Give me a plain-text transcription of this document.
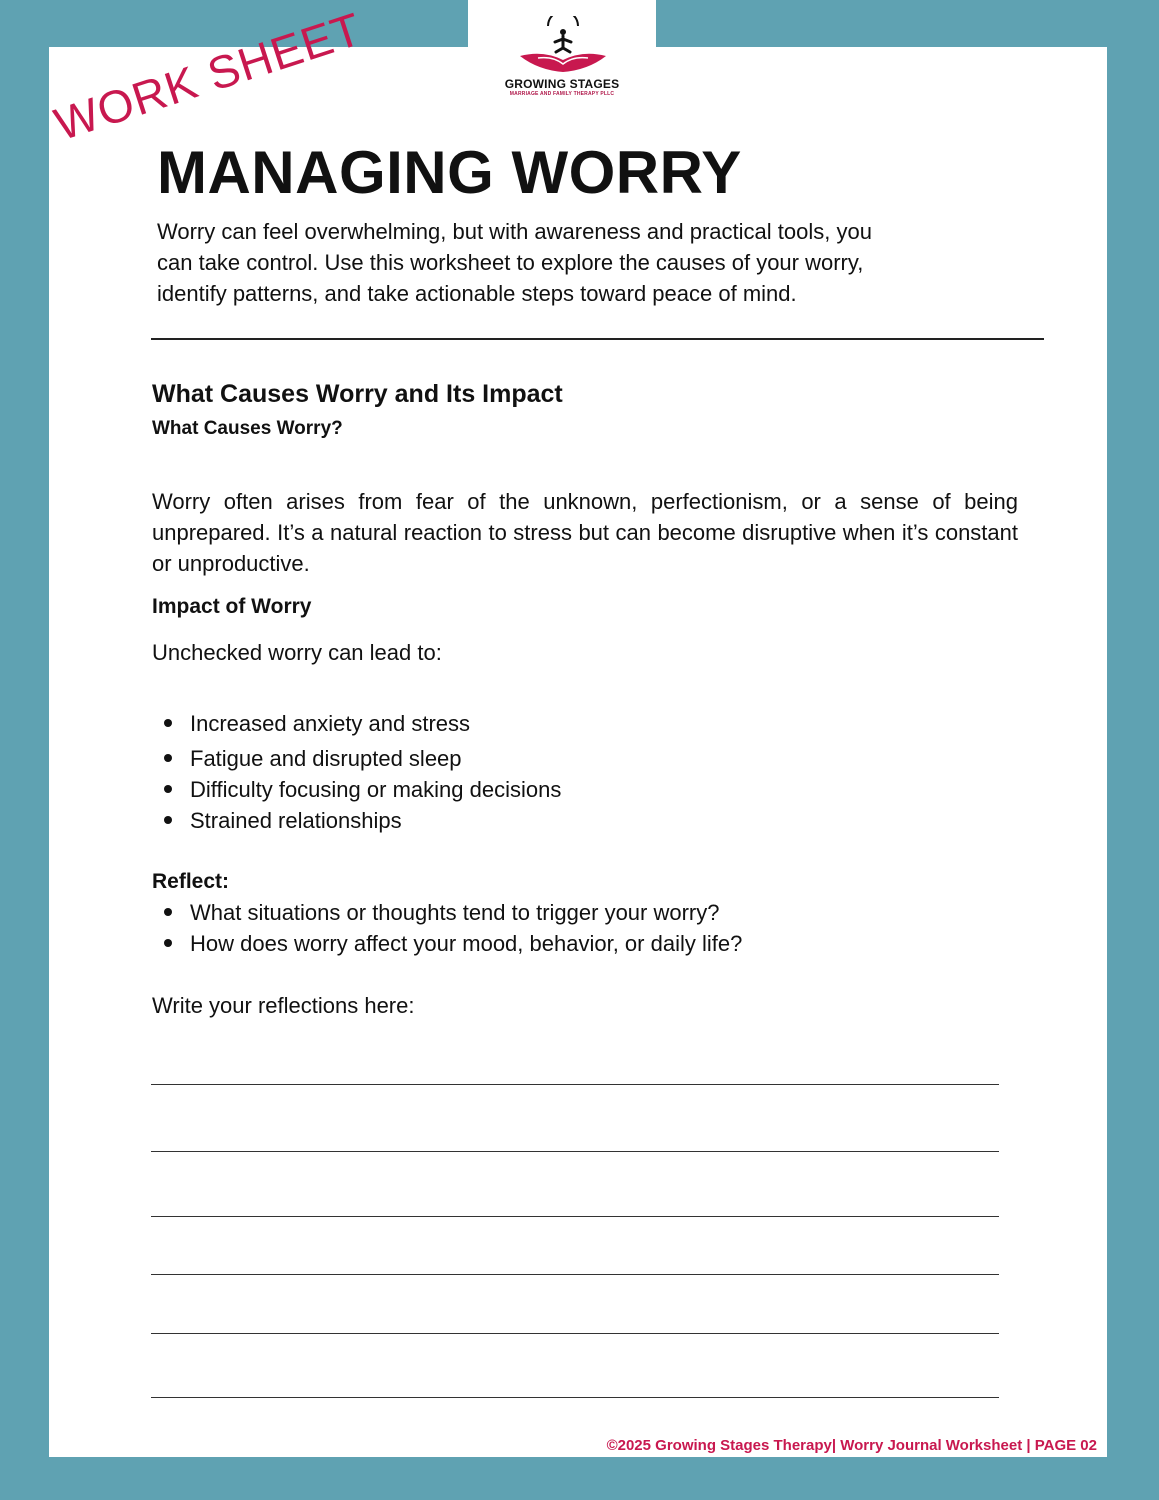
GROWING STAGES
MARRIAGE AND FAMILY THERAPY PLLC
WORK SHEET
MANAGING WORRY
Worry can feel overwhelming, but with awareness and practical tools, you
can take control. Use this worksheet to explore the causes of your worry,
identify patterns, and take actionable steps toward peace of mind.
What Causes Worry and Its Impact
What Causes Worry?

Worry often arises from fear of the unknown, perfectionism, or a sense of being unprepared. It’s a natural reaction to stress but can become disruptive when it’s constant or unproductive.

Impact of Worry

Unchecked worry can lead to:

Increased anxiety and stress

Fatigue and disrupted sleep

Difficulty focusing or making decisions

Strained relationships

Reflect:

What situations or thoughts tend to trigger your worry?

How does worry affect your mood, behavior, or daily life?

Write your reflections here:

©2025 Growing Stages Therapy| Worry Journal Worksheet | PAGE 02
